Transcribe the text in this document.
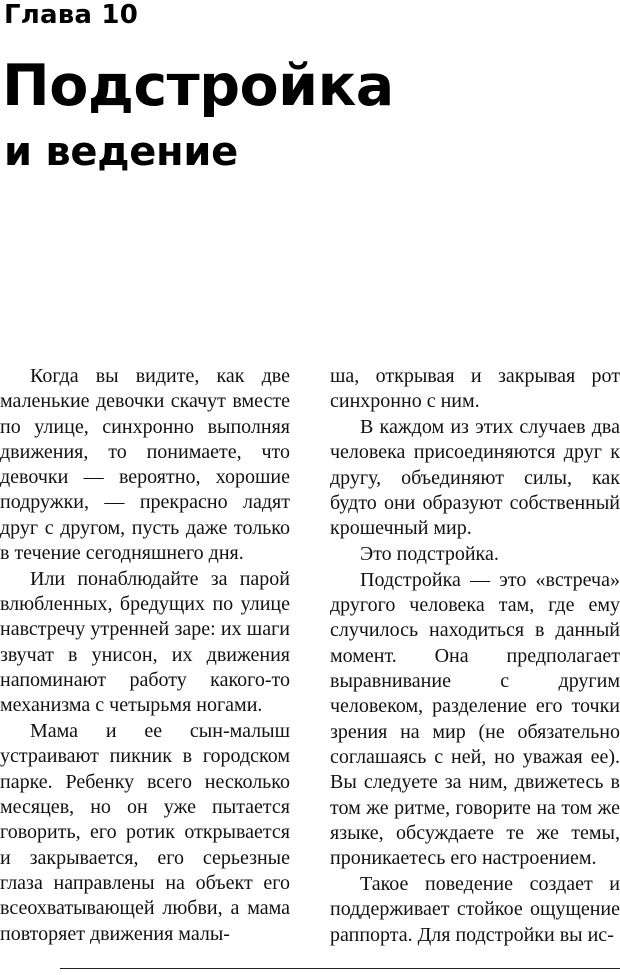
Глава 10
Подстройка
и ведение

Когда вы видите, как две маленькие девочки скачут вместе по улице, синхронно выполняя движения, то понимаете, что девочки — вероятно, хорошие подружки, — прекрасно ладят друг с другом, пусть даже только в течение сегодняшнего дня.

Или понаблюдайте за парой влюбленных, бредущих по улице навстречу утренней заре: их шаги звучат в унисон, их движения напоминают работу какого-то механизма с четырьмя ногами.

Мама и ее сын-малыш устраивают пикник в городском парке. Ребенку всего несколько месяцев, но он уже пытается говорить, его ротик открывается и закрывается, его серьезные глаза направлены на объект его всеохватывающей любви, а мама повторяет движения малы-

ша, открывая и закрывая рот синхронно с ним.

В каждом из этих случаев два человека присоединяются друг к другу, объединяют силы, как будто они образуют собственный крошечный мир.

Это подстройка.

Подстройка — это «встреча» другого человека там, где ему случилось находиться в данный момент. Она предполагает выравнивание с другим человеком, разделение его точки зрения на мир (не обязательно соглашаясь с ней, но уважая ее). Вы следуете за ним, движетесь в том же ритме, говорите на том же языке, обсуждаете те же темы, проникаетесь его настроением.

Такое поведение создает и поддерживает стойкое ощущение раппорта. Для подстройки вы ис-
